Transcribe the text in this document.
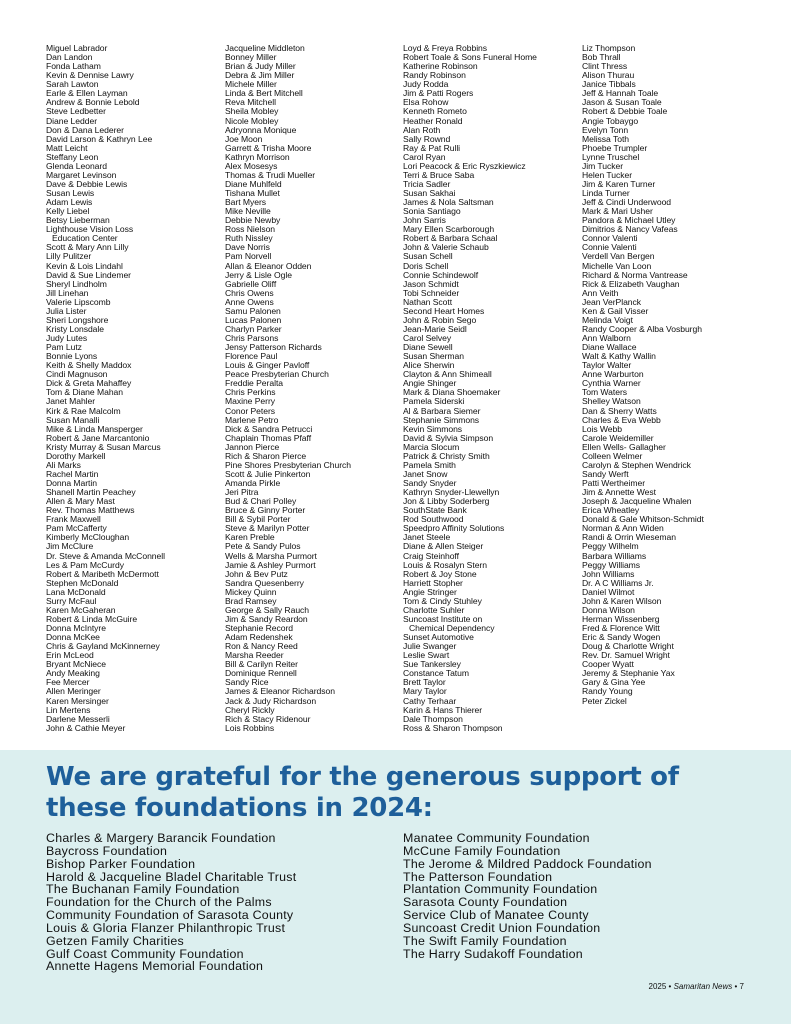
Miguel Labrador
Dan Landon
Fonda Latham
Kevin & Dennise Lawry
Sarah Lawton
Earle & Ellen Layman
Andrew & Bonnie Lebold
Steve Ledbetter
Diane Ledder
Don & Dana Lederer
David Larson & Kathryn Lee
Matt Leicht
Steffany Leon
Glenda Leonard
Margaret Levinson
Dave & Debbie Lewis
Susan Lewis
Adam Lewis
Kelly Liebel
Betsy Lieberman
Lighthouse Vision Loss
Education Center
Scott & Mary Ann Lilly
Lilly Pulitzer
Kevin & Lois Lindahl
David & Sue Lindemer
Sheryl Lindholm
Jill Linehan
Valerie Lipscomb
Julia Lister
Sheri Longshore
Kristy Lonsdale
Judy Lutes
Pam Lutz
Bonnie Lyons
Keith & Shelly Maddox
Cindi Magnuson
Dick & Greta Mahaffey
Tom & Diane Mahan
Janet Mahler
Kirk & Rae Malcolm
Susan Manalli
Mike & Linda Mansperger
Robert & Jane Marcantonio
Kristy Murray & Susan Marcus
Dorothy Markell
Ali Marks
Rachel Martin
Donna Martin
Shanell Martin Peachey
Allen & Mary Mast
Rev. Thomas Matthews
Frank Maxwell
Pam McCafferty
Kimberly McCloughan
Jim McClure
Dr. Steve & Amanda McConnell
Les & Pam McCurdy
Robert & Maribeth McDermott
Stephen McDonald
Lana McDonald
Surry McFaul
Karen McGaheran
Robert & Linda McGuire
Donna McIntyre
Donna McKee
Chris & Gayland McKinnerney
Erin McLeod
Bryant McNiece
Andy Meaking
Fee Mercer
Allen Meringer
Karen Mersinger
Lin Mertens
Darlene Messerli
John & Cathie Meyer
Jacqueline Middleton
Bonney Miller
Brian & Judy Miller
Debra & Jim Miller
Michele Miller
Linda & Bert Mitchell
Reva Mitchell
Sheila Mobley
Nicole Mobley
Adryonna Monique
Joe Moon
Garrett & Trisha Moore
Kathryn Morrison
Alex Mosesys
Thomas & Trudi Mueller
Diane Muhlfeld
Tishana Mullet
Bart Myers
Mike Neville
Debbie Newby
Ross Nielson
Ruth Nissley
Dave Norris
Pam Norvell
Allan & Eleanor Odden
Jerry & Lisle Ogle
Gabrielle Oliff
Chris Owens
Anne Owens
Samu Palonen
Lucas Palonen
Charlyn Parker
Chris Parsons
Jensy Patterson Richards
Florence Paul
Louis & Ginger Pavloff
Peace Presbyterian Church
Freddie Peralta
Chris Perkins
Maxine Perry
Conor Peters
Marlene Petro
Dick & Sandra Petrucci
Chaplain Thomas Pfaff
Jannon Pierce
Rich & Sharon Pierce
Pine Shores Presbyterian Church
Scott & Julie Pinkerton
Amanda Pirkle
Jeri Pitra
Bud & Chari Polley
Bruce & Ginny Porter
Bill & Sybil Porter
Steve & Marilyn Potter
Karen Preble
Pete & Sandy Pulos
Wells & Marsha Purmort
Jamie & Ashley Purmort
John & Bev Putz
Sandra Quesenberry
Mickey Quinn
Brad Ramsey
George & Sally Rauch
Jim & Sandy Reardon
Stephanie Record
Adam Redenshek
Ron & Nancy Reed
Marsha Reeder
Bill & Carilyn Reiter
Dominique Rennell
Sandy Rice
James & Eleanor Richardson
Jack & Judy Richardson
Cheryl Rickly
Rich & Stacy Ridenour
Lois Robbins
Loyd & Freya Robbins
Robert Toale & Sons Funeral Home
Katherine Robinson
Randy Robinson
Judy Rodda
Jim & Patti Rogers
Elsa Rohow
Kenneth Rometo
Heather Ronald
Alan Roth
Sally Rownd
Ray & Pat Rulli
Carol Ryan
Lori Peacock & Eric Ryszkiewicz
Terri & Bruce Saba
Tricia Sadler
Susan Sakhai
James & Nola Saltsman
Sonia Santiago
John Sarris
Mary Ellen Scarborough
Robert & Barbara Schaal
John & Valerie Schaub
Susan Schell
Doris Schell
Connie Schindewolf
Jason Schmidt
Tobi Schneider
Nathan Scott
Second Heart Homes
John & Robin Sego
Jean-Marie Seidl
Carol Selvey
Diane Sewell
Susan Sherman
Alice Sherwin
Clayton & Ann Shimeall
Angie Shinger
Mark & Diana Shoemaker
Pamela Siderski
Al & Barbara Siemer
Stephanie Simmons
Kevin Simmons
David & Sylvia Simpson
Marcia Slocum
Patrick & Christy Smith
Pamela Smith
Janet Snow
Sandy Snyder
Kathryn Snyder-Llewellyn
Jon & Libby Soderberg
SouthState Bank
Rod Southwood
Speedpro Affinity Solutions
Janet Steele
Diane & Allen Steiger
Craig Steinhoff
Louis & Rosalyn Stern
Robert & Joy Stone
Harriett Stopher
Angie Stringer
Tom & Cindy Stuhley
Charlotte Suhler
Suncoast Institute on
Chemical Dependency
Sunset Automotive
Julie Swanger
Leslie Swart
Sue Tankersley
Constance Tatum
Brett Taylor
Mary Taylor
Cathy Terhaar
Karin & Hans Thierer
Dale Thompson
Ross & Sharon Thompson
Liz Thompson
Bob Thrall
Clint Thress
Alison Thurau
Janice Tibbals
Jeff & Hannah Toale
Jason & Susan Toale
Robert & Debbie Toale
Angie Tobaygo
Evelyn Tonn
Melissa Toth
Phoebe Trumpler
Lynne Truschel
Jim Tucker
Helen Tucker
Jim & Karen Turner
Linda Turner
Jeff & Cindi Underwood
Mark & Mari Usher
Pandora & Michael Utley
Dimitrios & Nancy Vafeas
Connor Valenti
Connie Valenti
Verdell Van Bergen
Michelle Van Loon
Richard & Norma Vantrease
Rick & Elizabeth Vaughan
Ann Veith
Jean VerPlanck
Ken & Gail Visser
Melinda Voigt
Randy Cooper & Alba Vosburgh
Ann Walborn
Diane Wallace
Walt & Kathy Wallin
Taylor Walter
Anne Warburton
Cynthia Warner
Tom Waters
Shelley Watson
Dan & Sherry Watts
Charles & Eva Webb
Lois Webb
Carole Weidemiller
Ellen Wells- Gallagher
Colleen Welmer
Carolyn & Stephen Wendrick
Sandy Werft
Patti Wertheimer
Jim & Annette West
Joseph & Jacqueline Whalen
Erica Wheatley
Donald & Gale Whitson-Schmidt
Norman & Ann Widen
Randi & Orrin Wieseman
Peggy Wilhelm
Barbara Williams
Peggy Williams
John Williams
Dr. A C Williams Jr.
Daniel Wilmot
John & Karen Wilson
Donna Wilson
Herman Wissenberg
Fred & Florence Witt
Eric & Sandy Wogen
Doug & Charlotte Wright
Rev. Dr. Samuel Wright
Cooper Wyatt
Jeremy & Stephanie Yax
Gary & Gina Yee
Randy Young
Peter Zickel
We are grateful for the generous support of these foundations in 2024:
Charles & Margery Barancik Foundation
Baycross Foundation
Bishop Parker Foundation
Harold & Jacqueline Bladel Charitable Trust
The Buchanan Family Foundation
Foundation for the Church of the Palms
Community Foundation of Sarasota County
Louis & Gloria Flanzer Philanthropic Trust
Getzen Family Charities
Gulf Coast Community Foundation
Annette Hagens Memorial Foundation
Manatee Community Foundation
McCune Family Foundation
The Jerome & Mildred Paddock Foundation
The Patterson Foundation
Plantation Community Foundation
Sarasota County Foundation
Service Club of Manatee County
Suncoast Credit Union Foundation
The Swift Family Foundation
The Harry Sudakoff Foundation
2025 • Samaritan News • 7
